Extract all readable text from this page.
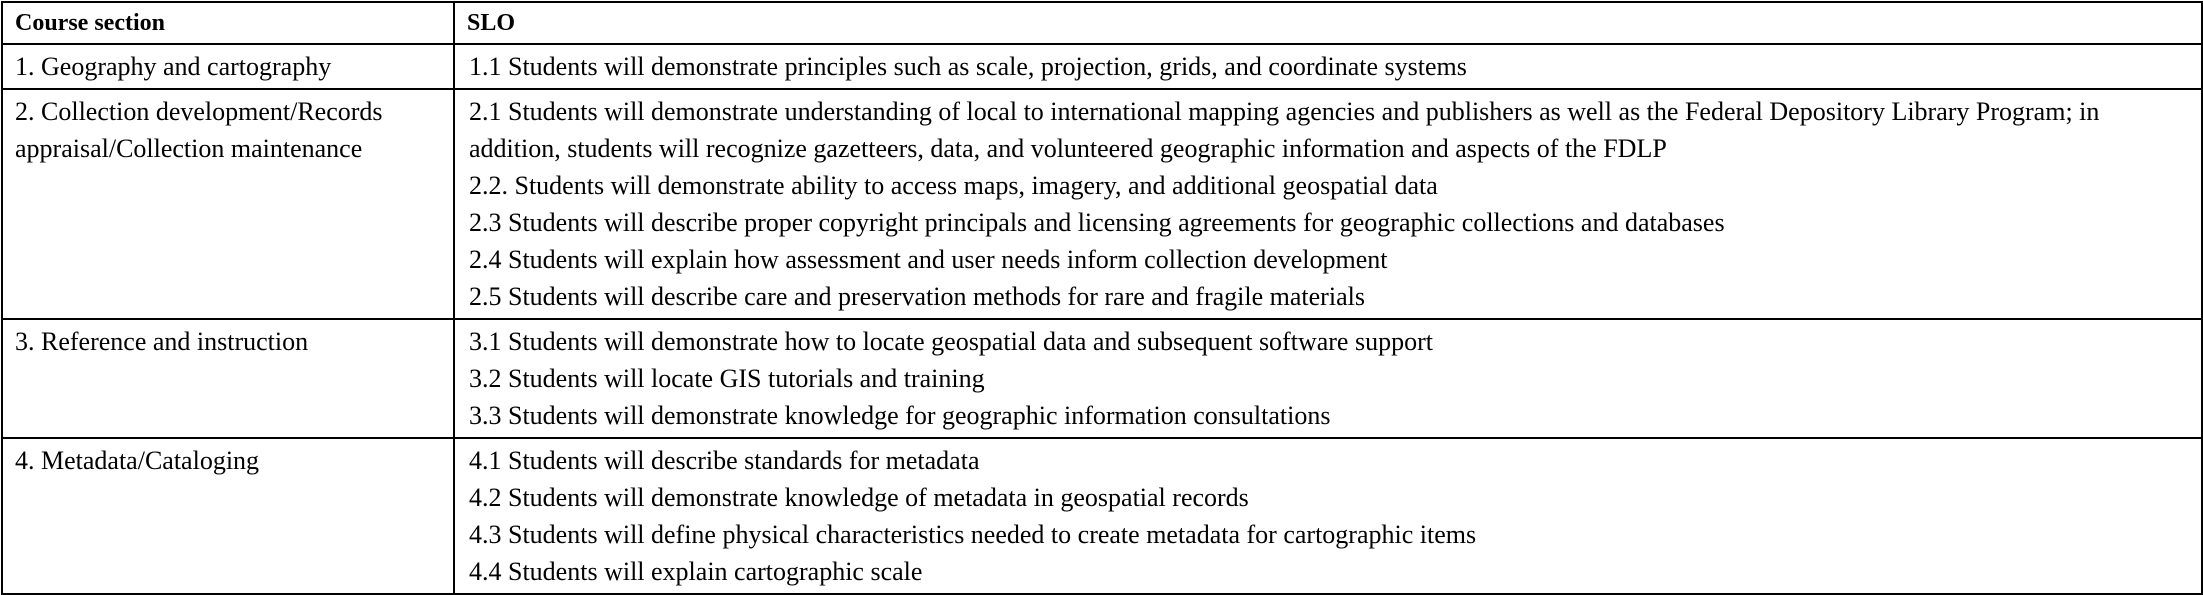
Course section	SLO
1. Geography and cartography	1.1 Students will demonstrate principles such as scale, projection, grids, and coordinate systems

2. Collection development/Records appraisal/Collection maintenance	2.1 Students will demonstrate understanding of local to international mapping agencies and publishers as well as the Federal Depository Library Program; in addition, students will recognize gazetteers, data, and volunteered geographic information and aspects of the FDLP
2.2. Students will demonstrate ability to access maps, imagery, and additional geospatial data
2.3 Students will describe proper copyright principals and licensing agreements for geographic collections and databases
2.4 Students will explain how assessment and user needs inform collection development
2.5 Students will describe care and preservation methods for rare and fragile materials

3. Reference and instruction	3.1 Students will demonstrate how to locate geospatial data and subsequent software support
3.2 Students will locate GIS tutorials and training
3.3 Students will demonstrate knowledge for geographic information consultations

4. Metadata/Cataloging	4.1 Students will describe standards for metadata
4.2 Students will demonstrate knowledge of metadata in geospatial records
4.3 Students will define physical characteristics needed to create metadata for cartographic items
4.4 Students will explain cartographic scale
